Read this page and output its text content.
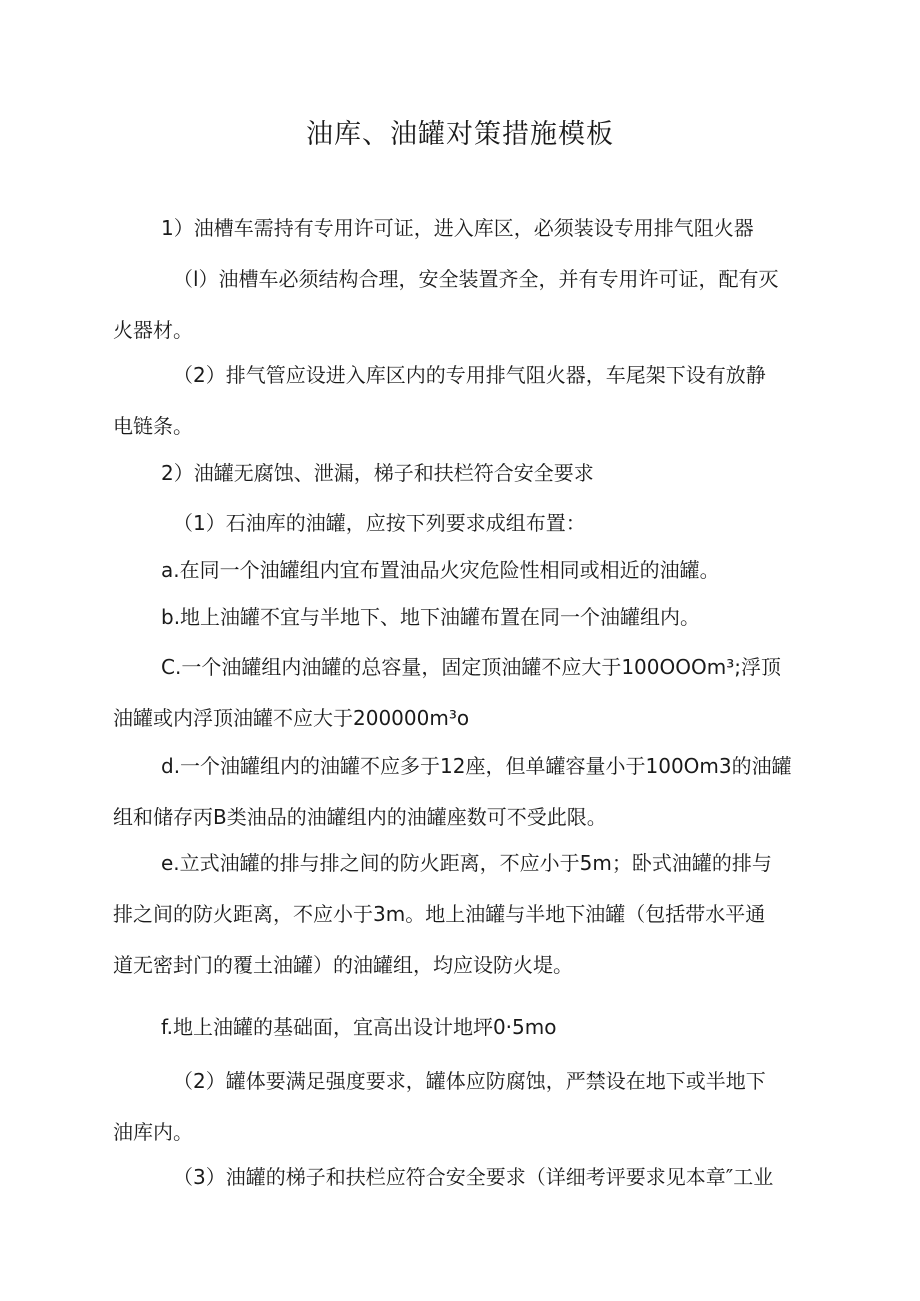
油库、油罐对策措施模板
1）油槽车需持有专用许可证，进入库区，必须装设专用排气阻火器
（l）油槽车必须结构合理，安全装置齐全，并有专用许可证，配有灭
火器材。
（2）排气管应设进入库区内的专用排气阻火器，车尾架下设有放静
电链条。
2）油罐无腐蚀、泄漏，梯子和扶栏符合安全要求
（1）石油库的油罐，应按下列要求成组布置：
a.在同一个油罐组内宜布置油品火灾危险性相同或相近的油罐。
b.地上油罐不宜与半地下、地下油罐布置在同一个油罐组内。
C.一个油罐组内油罐的总容量，固定顶油罐不应大于100OOOm³;浮顶
油罐或内浮顶油罐不应大于200000m³o
d.一个油罐组内的油罐不应多于12座，但单罐容量小于100Om3的油罐
组和储存丙B类油品的油罐组内的油罐座数可不受此限。
e.立式油罐的排与排之间的防火距离，不应小于5m；卧式油罐的排与
排之间的防火距离，不应小于3m。地上油罐与半地下油罐（包括带水平通
道无密封门的覆土油罐）的油罐组，均应设防火堤。
f.地上油罐的基础面，宜高出设计地坪0·5mo
（2）罐体要满足强度要求，罐体应防腐蚀，严禁设在地下或半地下
油库内。
（3）油罐的梯子和扶栏应符合安全要求（详细考评要求见本章″工业
